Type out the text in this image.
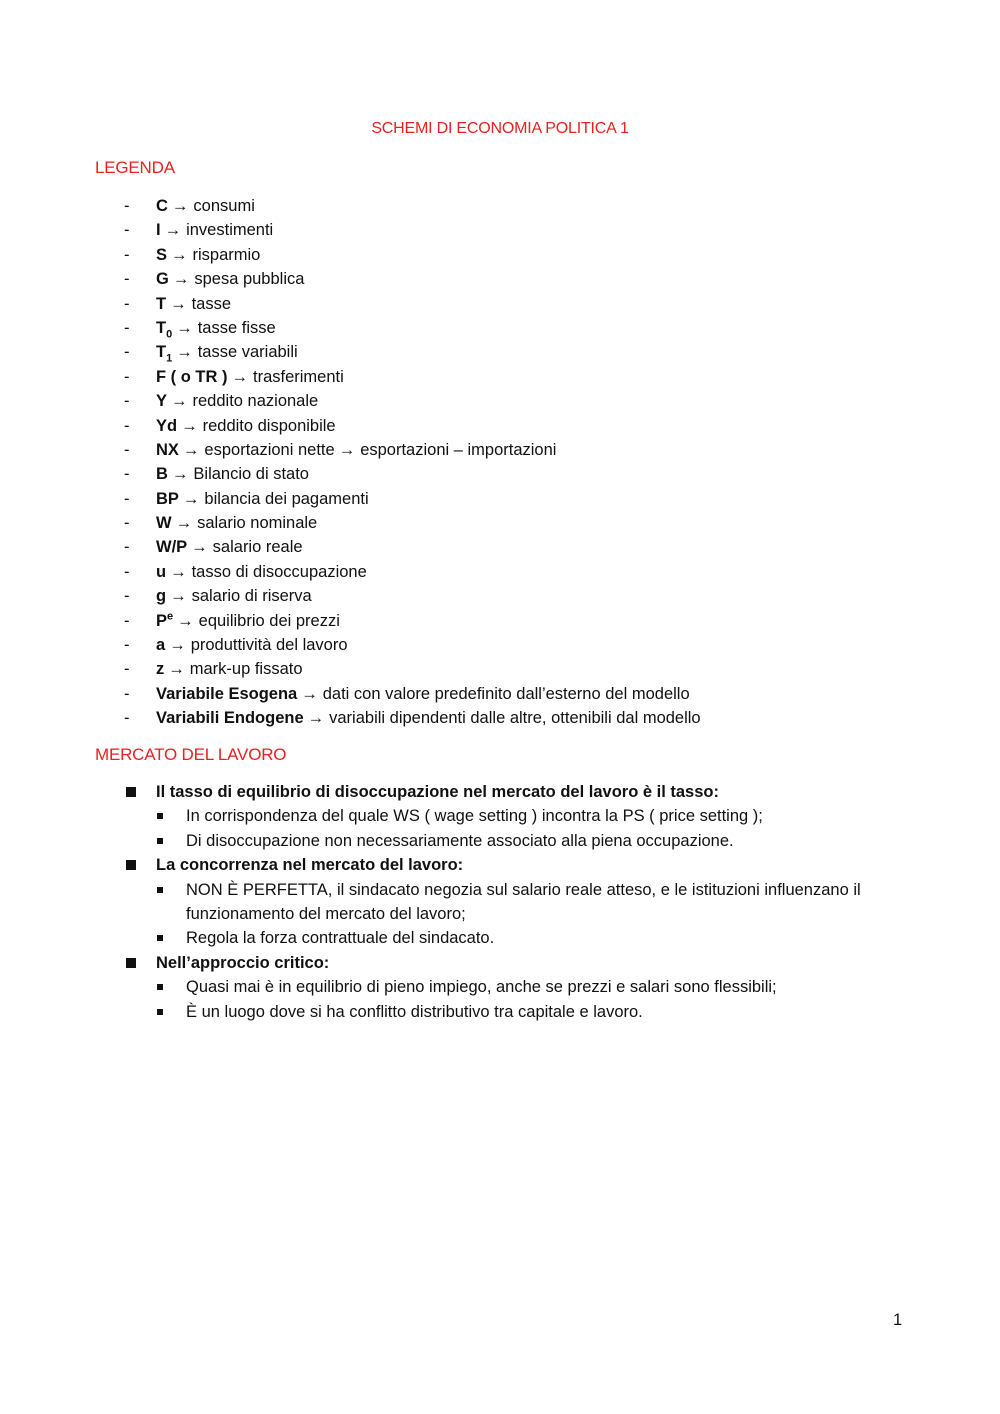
SCHEMI DI ECONOMIA POLITICA 1
LEGENDA
- C → consumi
- I → investimenti
- S → risparmio
- G → spesa pubblica
- T → tasse
- $T_0$ → tasse fisse
- $T_1$ → tasse variabili
- F ( o TR ) → trasferimenti
- Y → reddito nazionale
- Yd → reddito disponibile
- NX → esportazioni nette → esportazioni – importazioni
- B → Bilancio di stato
- BP → bilancia dei pagamenti
- W → salario nominale
- W/P → salario reale
- u → tasso di disoccupazione
- g → salario di riserva
- $P^e$ → equilibrio dei prezzi
- a → produttività del lavoro
- z → mark-up fissato
- Variabile Esogena → dati con valore predefinito dall’esterno del modello
- Variabili Endogene → variabili dipendenti dalle altre, ottenibili dal modello
MERCATO DEL LAVORO
Il tasso di equilibrio di disoccupazione nel mercato del lavoro è il tasso:
In corrispondenza del quale WS ( wage setting ) incontra la PS ( price setting );
Di disoccupazione non necessariamente associato alla piena occupazione.
La concorrenza nel mercato del lavoro:
NON È PERFETTA, il sindacato negozia sul salario reale atteso, e le istituzioni influenzano il funzionamento del mercato del lavoro;
Regola la forza contrattuale del sindacato.
Nell’approccio critico:
Quasi mai è in equilibrio di pieno impiego, anche se prezzi e salari sono flessibili;
È un luogo dove si ha conflitto distributivo tra capitale e lavoro.
1
